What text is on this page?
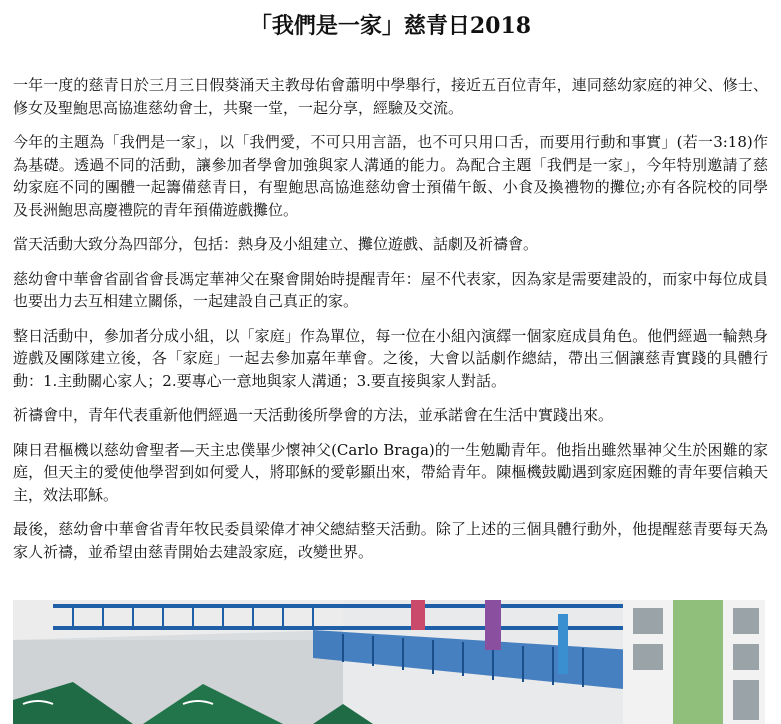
「我們是一家」慈青日2018

一年一度的慈青日於三月三日假葵涌天主教母佑會蕭明中學舉行，接近五百位青年，連同慈幼家庭的神父、修士、修女及聖鮑思高協進慈幼會士，共聚一堂，一起分享，經驗及交流。

今年的主題為「我們是一家」，以「我們愛，不可只用言語，也不可只用口舌，而要用行動和事實」(若一3:18)作為基礎。透過不同的活動，讓參加者學會加強與家人溝通的能力。為配合主題「我們是一家」，今年特別邀請了慈幼家庭不同的團體一起籌備慈青日，有聖鮑思高協進慈幼會士預備午飯、小食及換禮物的攤位;亦有各院校的同學及長洲鮑思高慶禮院的青年預備遊戲攤位。

當天活動大致分為四部分，包括：熱身及小組建立、攤位遊戲、話劇及祈禱會。

慈幼會中華會省副省會長馮定華神父在聚會開始時提醒青年：屋不代表家，因為家是需要建設的，而家中每位成員也要出力去互相建立關係，一起建設自己真正的家。

整日活動中，參加者分成小組，以「家庭」作為單位，每一位在小組內演繹一個家庭成員角色。他們經過一輪熱身遊戲及團隊建立後，各「家庭」一起去參加嘉年華會。之後，大會以話劇作總結，帶出三個讓慈青實踐的具體行動：1.主動關心家人；2.要專心一意地與家人溝通；3.要直接與家人對話。

祈禱會中，青年代表重新他們經過一天活動後所學會的方法，並承諾會在生活中實踐出來。

陳日君樞機以慈幼會聖者—天主忠僕畢少懷神父(Carlo Braga)的一生勉勵青年。他指出雖然畢神父生於困難的家庭，但天主的愛使他學習到如何愛人，將耶穌的愛彰顯出來，帶給青年。陳樞機鼓勵遇到家庭困難的青年要信賴天主，效法耶穌。

最後，慈幼會中華會省青年牧民委員梁偉才神父總結整天活動。除了上述的三個具體行動外，他提醒慈青要每天為家人祈禱，並希望由慈青開始去建設家庭，改變世界。
